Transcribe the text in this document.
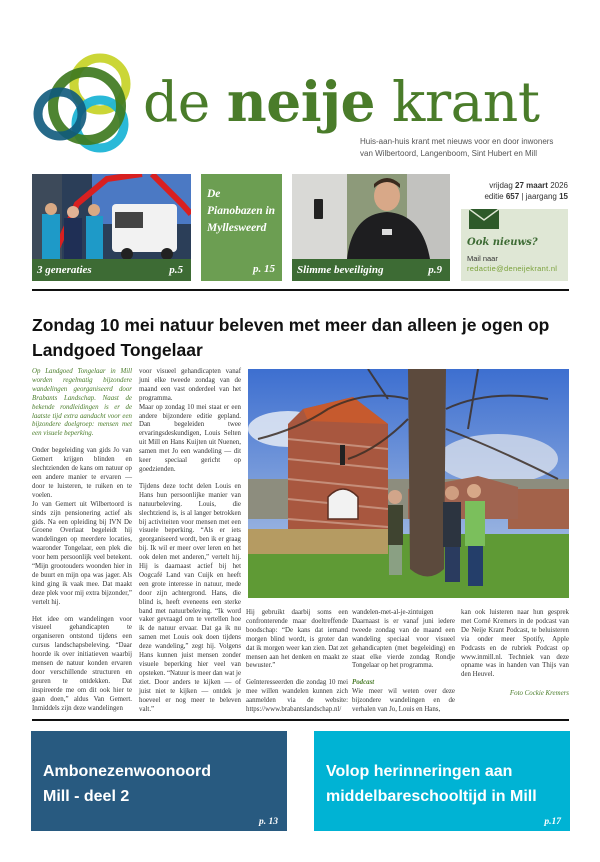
de neije krant
Huis-aan-huis krant met nieuws voor en door inwoners
van Wilbertoord, Langenboom, Sint Hubert en Mill
3 generaties	p.5
De Pianobazen in Myllesweerd
p. 15 Slimme beveiliging	p.9
vrijdag 27 maart 2026
editie 657 | jaargang 15
Ook nieuws?
Mail naar
redactie@deneijekrant.nl
Zondag 10 mei natuur beleven met meer dan alleen je ogen op Landgoed Tongelaar

Op Landgoed Tongelaar in Mill worden regelmatig bijzondere wandelingen georganiseerd door Brabants Landschap. Naast de bekende rondleidingen is er de laatste tijd extra aandacht voor een bijzondere doelgroep: mensen met een visuele beperking.

Onder begeleiding van gids Jo van Gemert krijgen blinden en slechtzienden de kans om natuur op een andere manier te ervaren — door te luisteren, te ruiken en te voelen.

Jo van Gemert uit Wilbertoord is sinds zijn pensionering actief als gids. Na een opleiding bij IVN De Groene Overlaat begeleidt hij wandelingen op meerdere locaties, waaronder Tongelaar, een plek die voor hem persoonlijk veel betekent. “Mijn grootouders woonden hier in de buurt en mijn opa was jager. Als kind ging ik vaak mee. Dat maakt deze plek voor mij extra bijzonder,” vertelt hij.

Het idee om wandelingen voor visueel gehandicapten te organiseren ontstond tijdens een cursus landschapsbeleving. “Daar hoorde ik over initiatieven waarbij mensen de natuur konden ervaren door verschillende structuren en geuren te ontdekken. Dat inspireerde me om dit ook hier te gaan doen,” aldus Van Gemert. Inmiddels zijn deze wandelingen

voor visueel gehandicapten vanaf juni elke tweede zondag van de maand een vast onderdeel van het programma.

Maar op zondag 10 mei staat er een andere bijzondere editie gepland. Dan begeleiden twee ervaringsdeskundigen, Louis Selten uit Mill en Hans Kuijten uit Nuenen, samen met Jo een wandeling — dit keer speciaal gericht op goedzienden.

Tijdens deze tocht delen Louis en Hans hun persoonlijke manier van natuurbeleving. Louis, die slechtziend is, is al langer betrokken bij activiteiten voor mensen met een visuele beperking. “Als er iets georganiseerd wordt, ben ik er graag bij. Ik wil er meer over leren en het ook delen met anderen,” vertelt hij. Hij is daarnaast actief bij het Oogcafé Land van Cuijk en heeft een grote interesse in natuur, mede door zijn achtergrond. Hans, die blind is, heeft eveneens een sterke band met natuurbeleving. “Ik word vaker gevraagd om te vertellen hoe ik de natuur ervaar. Dat ga ik nu samen met Louis ook doen tijdens deze wandeling,” zegt hij. Volgens Hans kunnen juist mensen zonder visuele beperking hier veel van opsteken. “Natuur is meer dan wat je ziet. Door anders te kijken — of juist niet te kijken — ontdek je hoeveel er nog meer te beleven valt.”

Hij gebruikt daarbij soms een confronterende maar doeltreffende boodschap: “De kans dat iemand morgen blind wordt, is groter dan dat ik morgen weer kan zien. Dat zet mensen aan het denken en maakt ze bewuster.”

Geïnteresseerden die zondag 10 mei mee willen wandelen kunnen zich aanmelden via de website: https://www.brabantslandschap.nl/

wandelen-met-al-je-zintuigen

Daarnaast is er vanaf juni iedere tweede zondag van de maand een wandeling speciaal voor visueel gehandicapten (met begeleiding) en staat elke vierde zondag Rondje Tongelaar op het programma.

Podcast

Wie meer wil weten over deze bijzondere wandelingen en de verhalen van Jo, Louis en Hans,

kan ook luisteren naar hun gesprek met Corné Kremers in de podcast van De Neije Krant Podcast, te beluisteren via onder meer Spotify, Apple Podcasts en de rubriek Podcast op www.inmill.nl. Techniek van deze opname was in handen van Thijs van den Heuvel.

Foto Cockie Kremers

Ambonezenwoonoord
Mill - deel 2
p. 13
Volop herinneringen aan
middelbareschooltijd in Mill
p.17
